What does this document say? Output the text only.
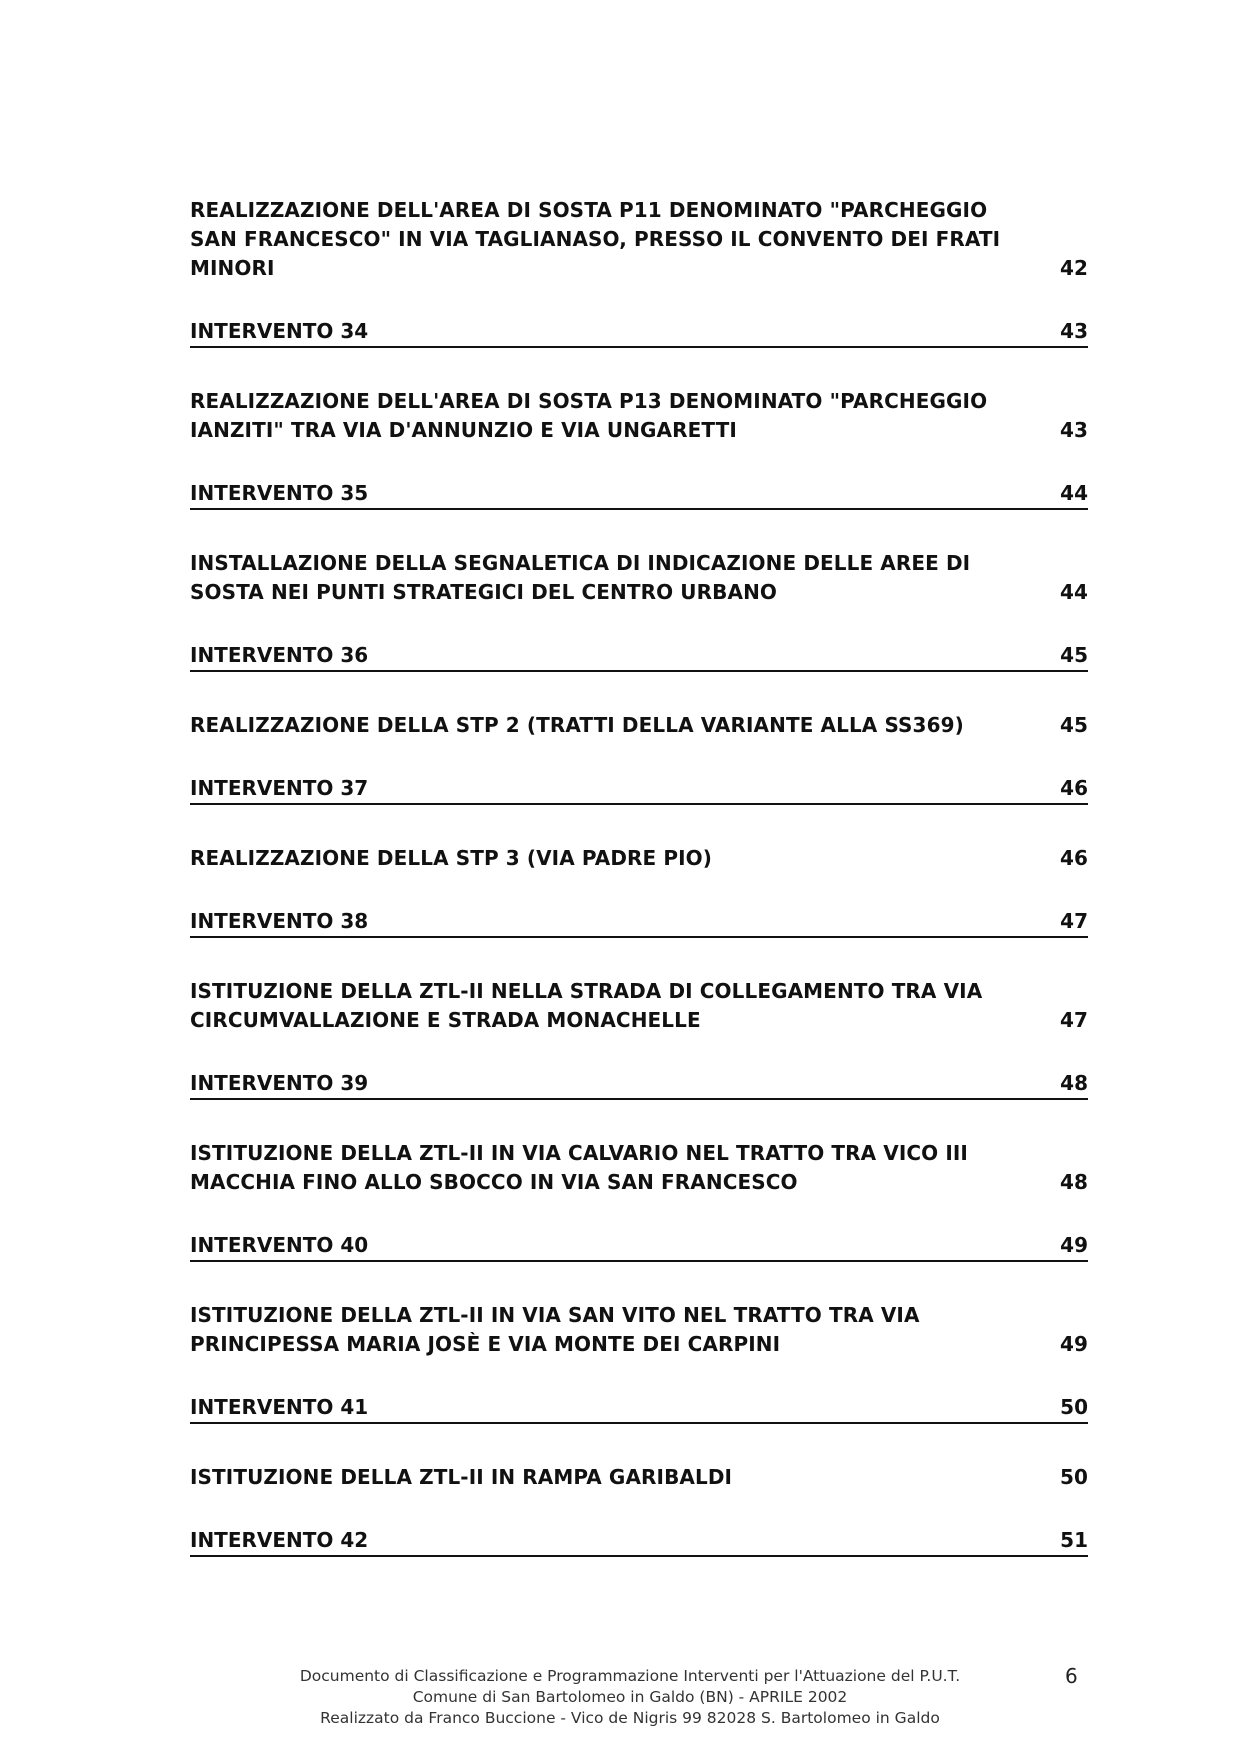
REALIZZAZIONE DELL'AREA DI SOSTA P11 DENOMINATO "PARCHEGGIO SAN FRANCESCO" IN VIA TAGLIANASO, PRESSO IL CONVENTO DEI FRATI MINORI	42
INTERVENTO 34	43
REALIZZAZIONE DELL'AREA DI SOSTA P13 DENOMINATO "PARCHEGGIO IANZITI" TRA VIA D'ANNUNZIO E VIA UNGARETTI	43
INTERVENTO 35	44
INSTALLAZIONE DELLA SEGNALETICA DI INDICAZIONE DELLE AREE DI SOSTA NEI PUNTI STRATEGICI DEL CENTRO URBANO	44
INTERVENTO 36	45
REALIZZAZIONE DELLA STP 2 (TRATTI DELLA VARIANTE ALLA SS369)	45
INTERVENTO 37	46
REALIZZAZIONE DELLA STP 3 (VIA PADRE PIO)	46
INTERVENTO 38	47
ISTITUZIONE DELLA ZTL-II NELLA STRADA DI COLLEGAMENTO TRA VIA CIRCUMVALLAZIONE E STRADA MONACHELLE	47
INTERVENTO 39	48
ISTITUZIONE DELLA ZTL-II IN VIA CALVARIO NEL TRATTO TRA VICO III MACCHIA FINO ALLO SBOCCO IN VIA SAN FRANCESCO	48
INTERVENTO 40	49
ISTITUZIONE DELLA ZTL-II IN VIA SAN VITO NEL TRATTO TRA VIA PRINCIPESSA MARIA JOSÈ E VIA MONTE DEI CARPINI	49
INTERVENTO 41	50
ISTITUZIONE DELLA ZTL-II IN RAMPA GARIBALDI	50
INTERVENTO 42	51
Documento di Classificazione e Programmazione Interventi per l'Attuazione del P.U.T.
Comune di San Bartolomeo in Galdo (BN) - APRILE 2002
Realizzato da Franco Buccione - Vico de Nigris 99 82028 S. Bartolomeo in Galdo
6
